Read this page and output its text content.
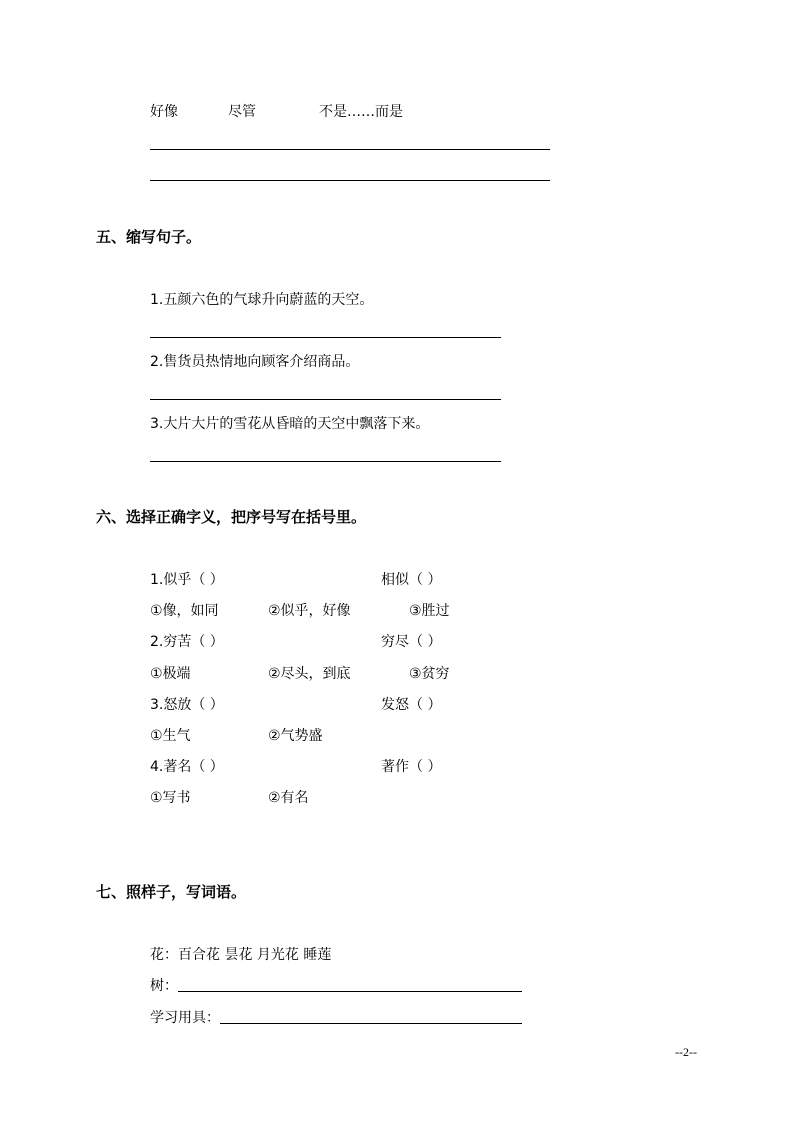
好像	尽管	不是……而是
五、缩写句子。
1.五颜六色的气球升向蔚蓝的天空。
2.售货员热情地向顾客介绍商品。
3.大片大片的雪花从昏暗的天空中飘落下来。
六、选择正确字义，把序号写在括号里。
1.似乎（ ）	相似（ ）
①像，如同	②似乎，好像	③胜过
2.穷苦（ ）	穷尽（ ）
①极端	②尽头，到底	③贫穷
3.怒放（ ）	发怒（ ）
①生气	②气势盛
4.著名（ ）	著作（ ）
①写书	②有名
七、照样子，写词语。
花：百合花 昙花 月光花 睡莲
树：
学习用具：
--2--
